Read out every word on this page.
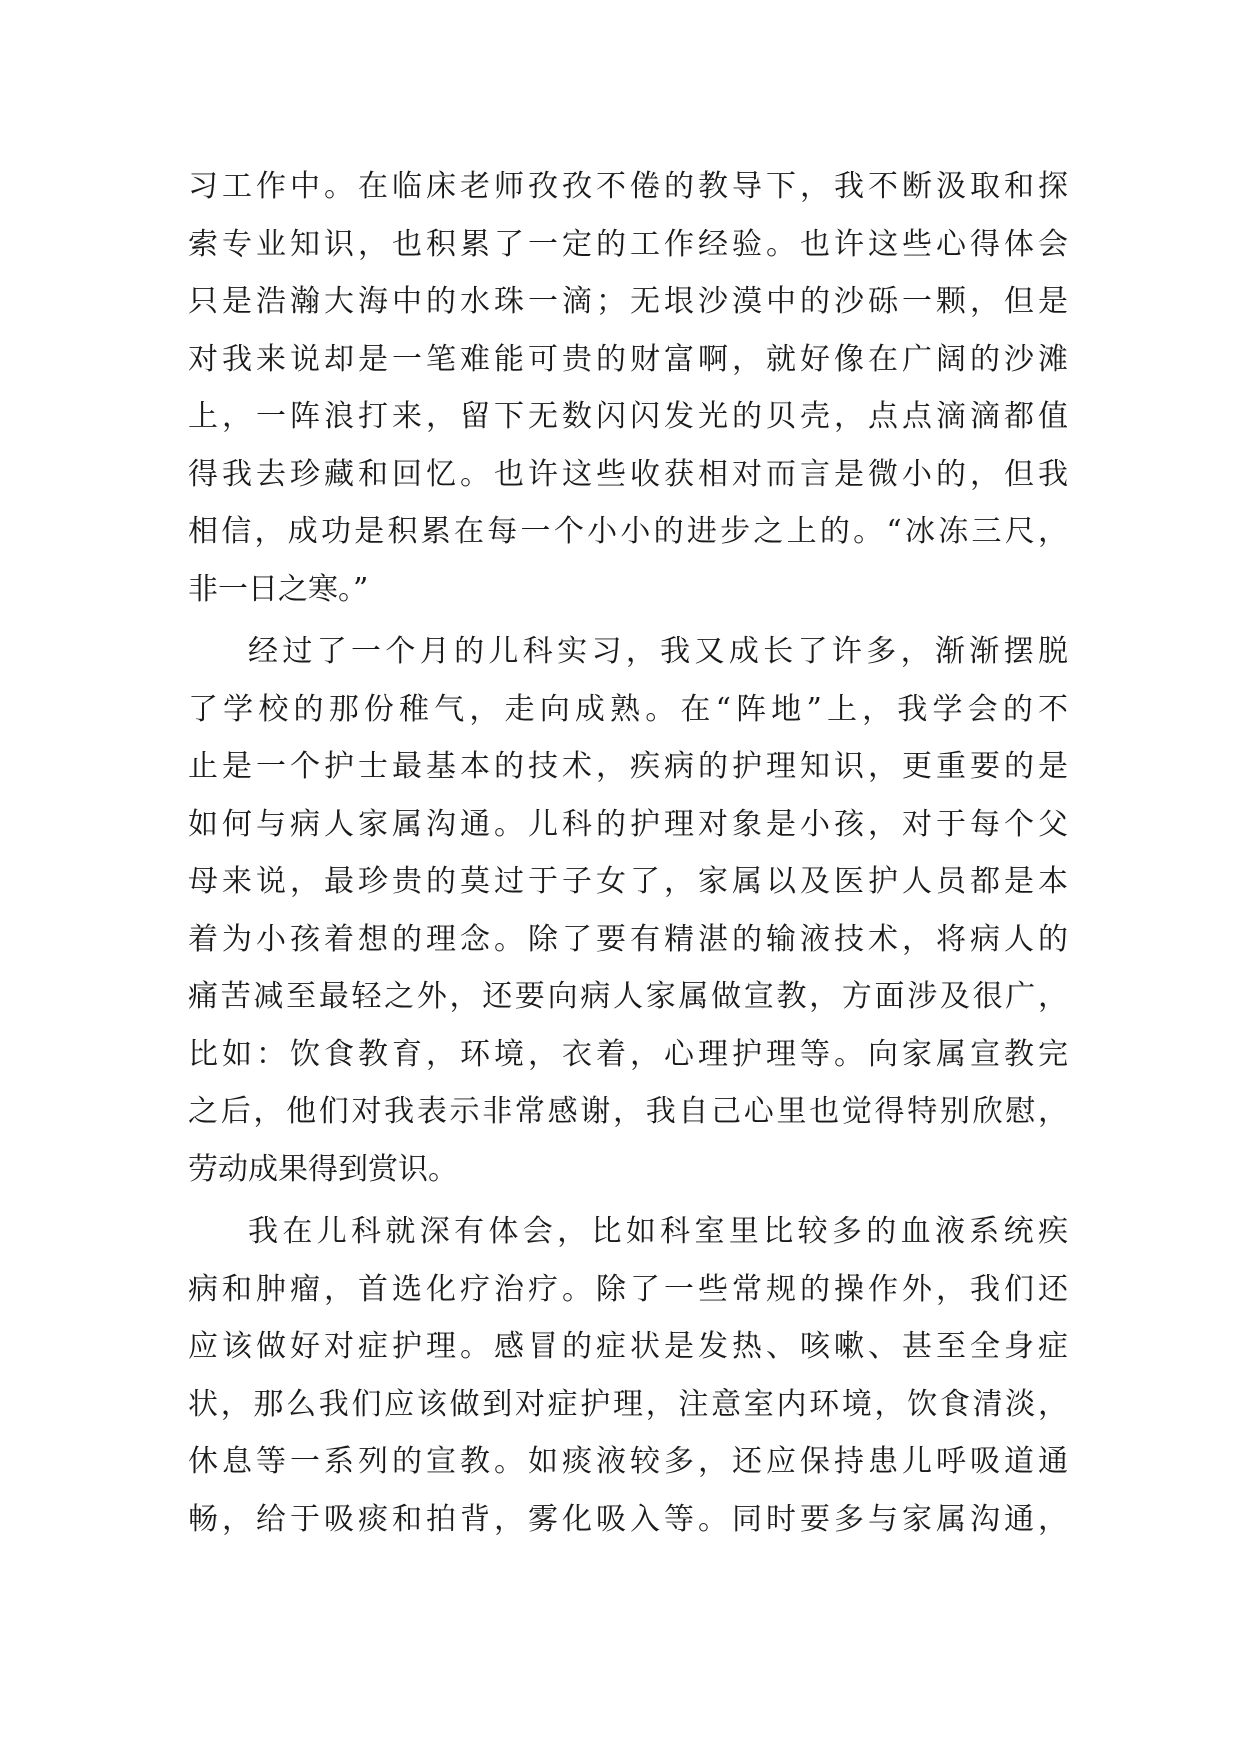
习工作中。在临床老师孜孜不倦的教导下，我不断汲取和探
索专业知识，也积累了一定的工作经验。也许这些心得体会
只是浩瀚大海中的水珠一滴；无垠沙漠中的沙砾一颗，但是
对我来说却是一笔难能可贵的财富啊，就好像在广阔的沙滩
上，一阵浪打来，留下无数闪闪发光的贝壳，点点滴滴都值
得我去珍藏和回忆。也许这些收获相对而言是微小的，但我
相信，成功是积累在每一个小小的进步之上的。“冰冻三尺，
非一日之寒。”
经过了一个月的儿科实习，我又成长了许多，渐渐摆脱
了学校的那份稚气，走向成熟。在“阵地”上，我学会的不
止是一个护士最基本的技术，疾病的护理知识，更重要的是
如何与病人家属沟通。儿科的护理对象是小孩，对于每个父
母来说，最珍贵的莫过于子女了，家属以及医护人员都是本
着为小孩着想的理念。除了要有精湛的输液技术，将病人的
痛苦减至最轻之外，还要向病人家属做宣教，方面涉及很广，
比如：饮食教育，环境，衣着，心理护理等。向家属宣教完
之后，他们对我表示非常感谢，我自己心里也觉得特别欣慰，
劳动成果得到赏识。
我在儿科就深有体会，比如科室里比较多的血液系统疾
病和肿瘤，首选化疗治疗。除了一些常规的操作外，我们还
应该做好对症护理。感冒的症状是发热、咳嗽、甚至全身症
状，那么我们应该做到对症护理，注意室内环境，饮食清淡，
休息等一系列的宣教。如痰液较多，还应保持患儿呼吸道通
畅，给于吸痰和拍背，雾化吸入等。同时要多与家属沟通，
